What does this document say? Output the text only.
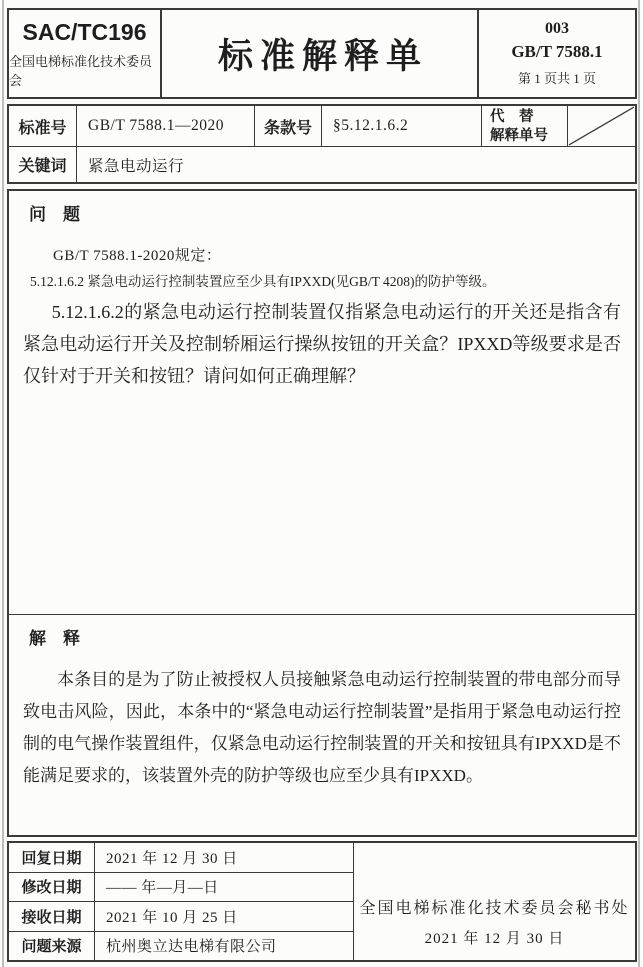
SAC/TC196
全国电梯标准化技术委员会
标准解释单
003
GB/T 7588.1
第 1 页共 1 页
标准号	GB/T 7588.1—2020	条款号	§5.12.1.6.2
代　替
解释单号
关键词	紧急电动运行
问　题
GB/T 7588.1-2020规定：
5.12.1.6.2 紧急电动运行控制装置应至少具有IPXXD(见GB/T 4208)的防护等级。
5.12.1.6.2的紧急电动运行控制装置仅指紧急电动运行的开关还是指含有紧急电动运行开关及控制轿厢运行操纵按钮的开关盒？IPXXD等级要求是否仅针对于开关和按钮？请问如何正确理解？
解　释
本条目的是为了防止被授权人员接触紧急电动运行控制装置的带电部分而导致电击风险，因此，本条中的“紧急电动运行控制装置”是指用于紧急电动运行控制的电气操作装置组件，仅紧急电动运行控制装置的开关和按钮具有IPXXD是不能满足要求的，该装置外壳的防护等级也应至少具有IPXXD。
回复日期	2021 年 12 月 30 日
修改日期	—— 年—月—日
接收日期	2021 年 10 月 25 日
问题来源	杭州奥立达电梯有限公司
全国电梯标准化技术委员会秘书处
2021 年 12 月 30 日
